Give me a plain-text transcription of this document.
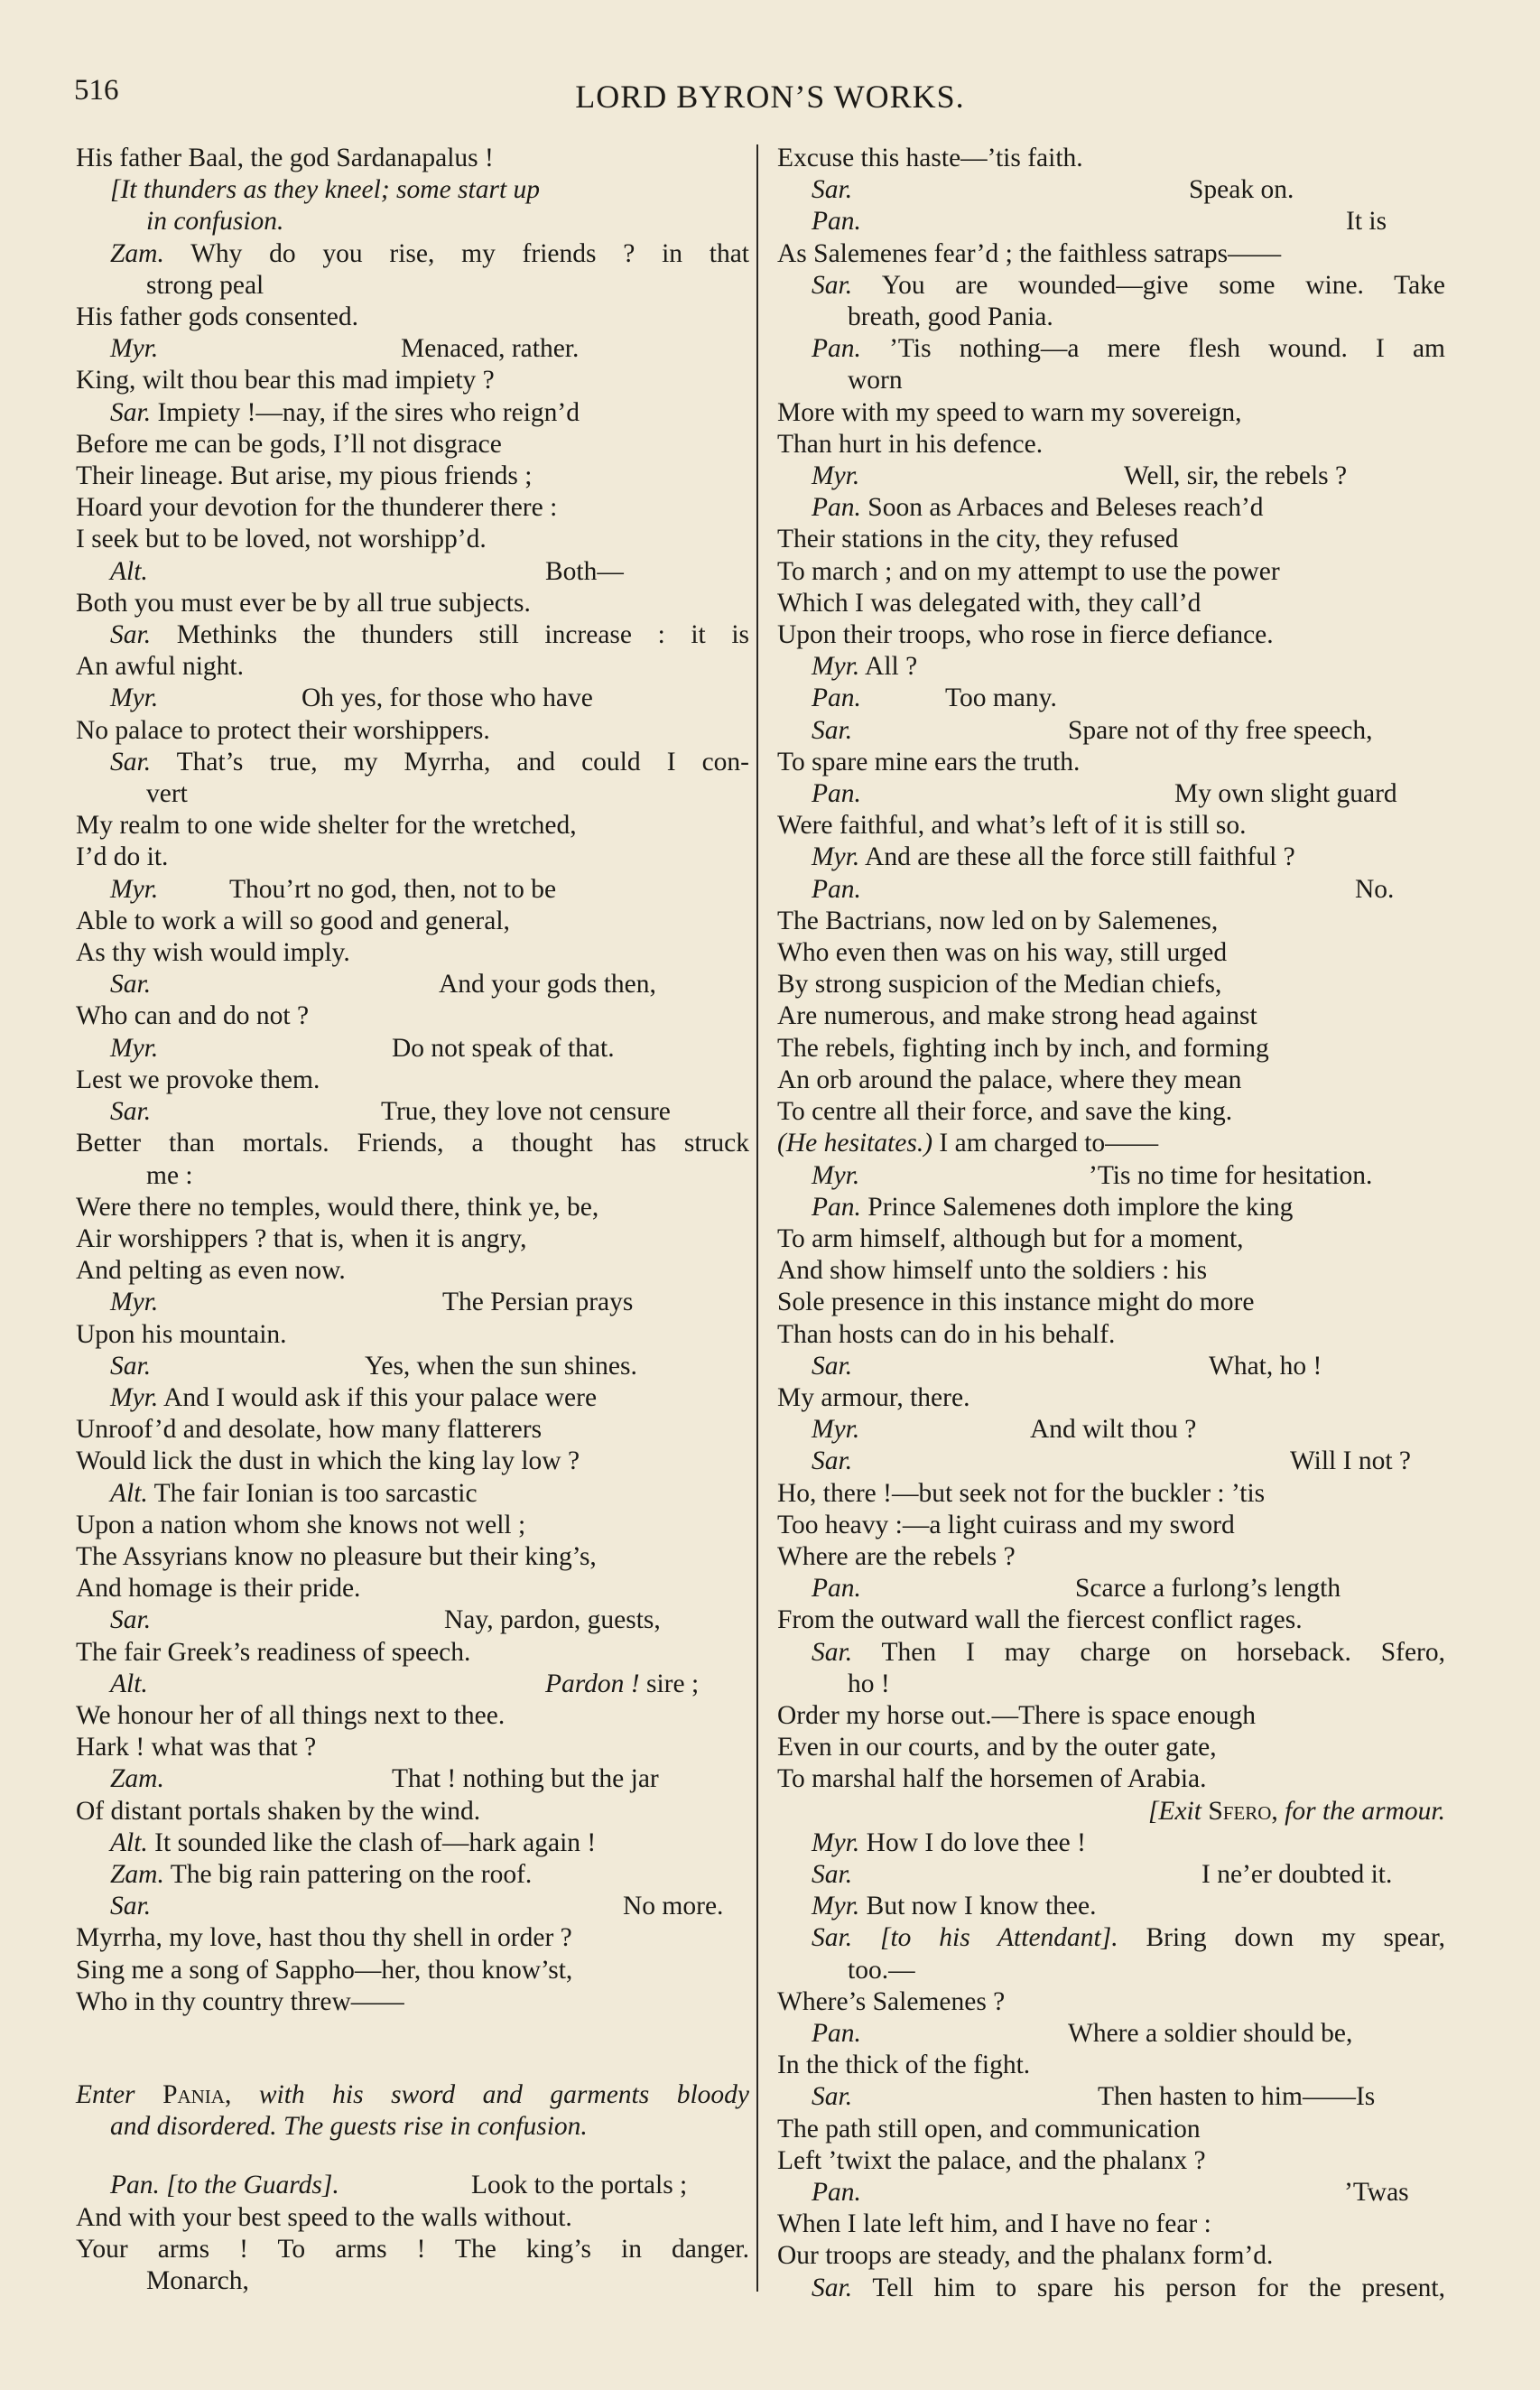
516	LORD BYRON’S WORKS.
His father Baal, the god Sardanapalus !
[It thunders as they kneel; some start up
in confusion.
Zam. Why do you rise, my friends ? in that
strong peal
His father gods consented.
Myr.	Menaced, rather.
King, wilt thou bear this mad impiety ?
Sar. Impiety !—nay, if the sires who reign’d
Before me can be gods, I’ll not disgrace
Their lineage. But arise, my pious friends ;
Hoard your devotion for the thunderer there :
I seek but to be loved, not worshipp’d.
Alt.	Both—
Both you must ever be by all true subjects.
Sar. Methinks the thunders still increase : it is
An awful night.
Myr.	Oh yes, for those who have
No palace to protect their worshippers.
Sar. That’s true, my Myrrha, and could I con-
vert
My realm to one wide shelter for the wretched,
I’d do it.
Myr.	Thou’rt no god, then, not to be
Able to work a will so good and general,
As thy wish would imply.
Sar.	And your gods then,
Who can and do not ?
Myr.	Do not speak of that.
Lest we provoke them.
Sar.	True, they love not censure
Better than mortals. Friends, a thought has struck
me :
Were there no temples, would there, think ye, be,
Air worshippers ? that is, when it is angry,
And pelting as even now.
Myr.	The Persian prays
Upon his mountain.
Sar.	Yes, when the sun shines.
Myr. And I would ask if this your palace were
Unroof’d and desolate, how many flatterers
Would lick the dust in which the king lay low ?
Alt. The fair Ionian is too sarcastic
Upon a nation whom she knows not well ;
The Assyrians know no pleasure but their king’s,
And homage is their pride.
Sar.	Nay, pardon, guests,
The fair Greek’s readiness of speech.
Alt.	Pardon ! sire ;
We honour her of all things next to thee.
Hark ! what was that ?
Zam.	That ! nothing but the jar
Of distant portals shaken by the wind.
Alt. It sounded like the clash of—hark again !
Zam. The big rain pattering on the roof.
Sar.	No more.
Myrrha, my love, hast thou thy shell in order ?
Sing me a song of Sappho—her, thou know’st,
Who in thy country threw——
Enter Pania, with his sword and garments bloody
and disordered. The guests rise in confusion.
Pan. [to the Guards].	Look to the portals ;
And with your best speed to the walls without.
Your arms ! To arms ! The king’s in danger.
Monarch,
Excuse this haste—’tis faith.
Sar.	Speak on.
Pan.	It is
As Salemenes fear’d ; the faithless satraps——
Sar. You are wounded—give some wine. Take
breath, good Pania.
Pan. ’Tis nothing—a mere flesh wound. I am
worn
More with my speed to warn my sovereign,
Than hurt in his defence.
Myr.	Well, sir, the rebels ?
Pan. Soon as Arbaces and Beleses reach’d
Their stations in the city, they refused
To march ; and on my attempt to use the power
Which I was delegated with, they call’d
Upon their troops, who rose in fierce defiance.
Myr. All ?
Pan.	Too many.
Sar.	Spare not of thy free speech,
To spare mine ears the truth.
Pan.	My own slight guard
Were faithful, and what’s left of it is still so.
Myr. And are these all the force still faithful ?
Pan.	No.
The Bactrians, now led on by Salemenes,
Who even then was on his way, still urged
By strong suspicion of the Median chiefs,
Are numerous, and make strong head against
The rebels, fighting inch by inch, and forming
An orb around the palace, where they mean
To centre all their force, and save the king.
(He hesitates.) I am charged to——
Myr.	’Tis no time for hesitation.
Pan. Prince Salemenes doth implore the king
To arm himself, although but for a moment,
And show himself unto the soldiers : his
Sole presence in this instance might do more
Than hosts can do in his behalf.
Sar.	What, ho !
My armour, there.
Myr.	And wilt thou ?
Sar.	Will I not ?
Ho, there !—but seek not for the buckler : ’tis
Too heavy :—a light cuirass and my sword
Where are the rebels ?
Pan.	Scarce a furlong’s length
From the outward wall the fiercest conflict rages.
Sar. Then I may charge on horseback. Sfero,
ho !
Order my horse out.—There is space enough
Even in our courts, and by the outer gate,
To marshal half the horsemen of Arabia.
[Exit Sfero, for the armour.
Myr. How I do love thee !
Sar.	I ne’er doubted it.
Myr. But now I know thee.
Sar. [to his Attendant]. Bring down my spear,
too.—
Where’s Salemenes ?
Pan.	Where a soldier should be,
In the thick of the fight.
Sar.	Then hasten to him——Is
The path still open, and communication
Left ’twixt the palace, and the phalanx ?
Pan.	’Twas
When I late left him, and I have no fear :
Our troops are steady, and the phalanx form’d.
Sar. Tell him to spare his person for the present,
